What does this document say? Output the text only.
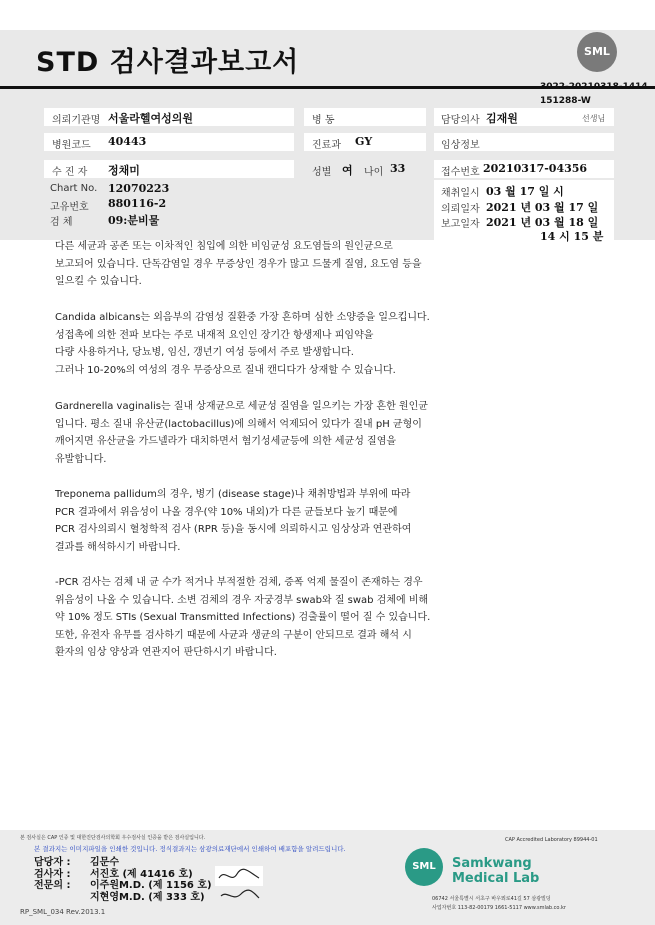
STD 검사결과보고서	SML
3022-20210318-1414
151288-W
의뢰기관명 서울라헬여성의원	병 동	담당의사 김재원	선생님
병원코드 40443	진료과 GY	임상정보
수 진 자 정채미	성별 여 나이 33	접수번호 20210317-04356
Chart No. 12070223
고유번호 880116-2
검 체	09:분비물
채취일시 03 월 17 일 시
의뢰일자 2021 년 03 월 17 일
보고일자 2021 년 03 월 18 일
14 시 15 분
다른 세균과 공존 또는 이차적인 침입에 의한 비임균성 요도염들의 원인균으로
보고되어 있습니다. 단독감염일 경우 무증상인 경우가 많고 드물게 질염, 요도염 등을
일으킬 수 있습니다.
Candida albicans는 외음부의 감염성 질환중 가장 흔하며 심한 소양증을 일으킵니다.
성접촉에 의한 전파 보다는 주로 내재적 요인인 장기간 항생제나 피임약을
다량 사용하거나, 당뇨병, 임신, 갱년기 여성 등에서 주로 발생합니다.
그러나 10-20%의 여성의 경우 무증상으로 질내 캔디다가 상재할 수 있습니다.
Gardnerella vaginalis는 질내 상재균으로 세균성 질염을 일으키는 가장 흔한 원인균
입니다. 평소 질내 유산균(lactobacillus)에 의해서 억제되어 있다가 질내 pH 균형이
깨어지면 유산균을 가드넬라가 대치하면서 혐기성세균등에 의한 세균성 질염을
유발합니다.
Treponema pallidum의 경우, 병기 (disease stage)나 채취방법과 부위에 따라
PCR 결과에서 위음성이 나올 경우(약 10% 내외)가 다른 균들보다 높기 때문에
PCR 검사의뢰시 혈청학적 검사 (RPR 등)을 동시에 의뢰하시고 임상상과 연관하여
결과를 해석하시기 바랍니다.
-PCR 검사는 검체 내 균 수가 적거나 부적절한 검체, 증폭 억제 물질이 존재하는 경우
위음성이 나올 수 있습니다. 소변 검체의 경우 자궁경부 swab와 질 swab 검체에 비해
약 10% 정도 STIs (Sexual Transmitted Infections) 검출률이 떨어 질 수 있습니다.
또한, 유전자 유무를 검사하기 때문에 사균과 생균의 구분이 안되므로 결과 해석 시
환자의 임상 양상과 연관지어 판단하시기 바랍니다.
본 검사실은 CAP 인증 및 대한진단검사의학회 우수검사실 인증을 받은 검사실입니다.	CAP Accredited Laboratory 89944-01
본 결과지는 이미지파일을 인쇄한 것입니다. 정식결과지는 삼광의료재단에서 인쇄하여 배포함을 알려드립니다.
담당자 : 김문수
검사자 : 서진호 (제 41416 호)
전문의 : 이주원M.D. (제 1156 호)
지현영M.D. (제 333 호)
SML	Samkwang
Medical Lab
06742 서울특별시 서초구 바우뫼로41길 57 삼광빌딩
사업자번호 113-82-00179 1661-5117 www.smlab.co.kr
RP_SML_034 Rev.2013.1
